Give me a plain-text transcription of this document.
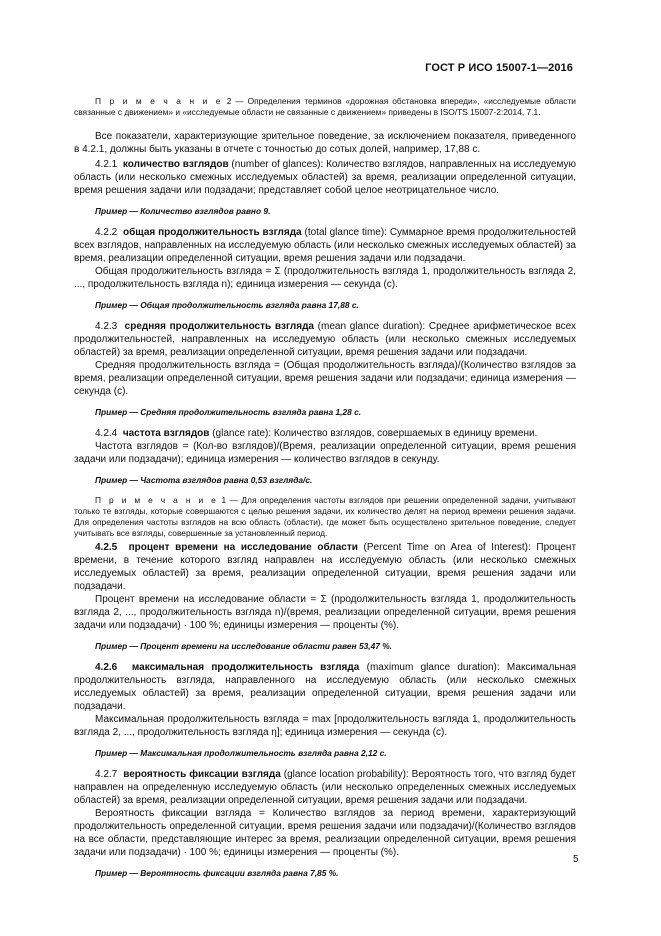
ГОСТ Р ИСО 15007-1—2016

П р и м е ч а н и е 2 — Определения терминов «дорожная обстановка впереди», «исследуемые области связанные с движением» и «исследуемые области не связанные с движением» приведены в ISO/TS 15007-2:2014, 7.1.

Все показатели, характеризующие зрительное поведение, за исключением показателя, приведенного в 4.2.1, должны быть указаны в отчете с точностью до сотых долей, например, 17,88 с.

4.2.1 количество взглядов (number of glances): Количество взглядов, направленных на исследуемую область (или несколько смежных исследуемых областей) за время, реализации определенной ситуации, время решения задачи или подзадачи; представляет собой целое неотрицательное число.

Пример — Количество взглядов равно 9.

4.2.2 общая продолжительность взгляда (total glance time): Суммарное время продолжительностей всех взглядов, направленных на исследуемую область (или несколько смежных исследуемых областей) за время, реализации определенной ситуации, время решения задачи или подзадачи.

Общая продолжительность взгляда = Σ (продолжительность взгляда 1, продолжительность взгляда 2, ..., продолжительность взгляда n); единица измерения — секунда (с).

Пример — Общая продолжительность взгляда равна 17,88 с.

4.2.3 средняя продолжительность взгляда (mean glance duration): Среднее арифметическое всех продолжительностей, направленных на исследуемую область (или несколько смежных исследуемых областей) за время, реализации определенной ситуации, время решения задачи или подзадачи.

Средняя продолжительность взгляда = (Общая продолжительность взгляда)/(Количество взглядов за время, реализации определенной ситуации, время решения задачи или подзадачи; единица измерения — секунда (с).

Пример — Средняя продолжительность взгляда равна 1,28 с.

4.2.4 частота взглядов (glance rate): Количество взглядов, совершаемых в единицу времени.

Частота взглядов = (Кол-во взглядов)/(Время, реализации определенной ситуации, время решения задачи или подзадачи); единица измерения — количество взглядов в секунду.

Пример — Частота взглядов равна 0,53 взгляда/с.

П р и м е ч а н и е 1 — Для определения частоты взглядов при решении определенной задачи, учитывают только те взгляды, которые совершаются с целью решения задачи, их количество делят на период времени решения задачи. Для определения частоты взглядов на всю область (области), где может быть осуществлено зрительное поведение, следует учитывать все взгляды, совершенные за установленный период.

4.2.5 процент времени на исследование области (Percent Time on Area of Interest): Процент времени, в течение которого взгляд направлен на исследуемую область (или несколько смежных исследуемых областей) за время, реализации определенной ситуации, время решения задачи или подзадачи.

Процент времени на исследование области = Σ (продолжительность взгляда 1, продолжительность взгляда 2, ..., продолжительность взгляда n)/(время, реализации определенной ситуации, время решения задачи или подзадачи) · 100 %; единицы измерения — проценты (%).

Пример — Процент времени на исследование области равен 53,47 %.

4.2.6 максимальная продолжительность взгляда (maximum glance duration): Максимальная продолжительность взгляда, направленного на исследуемую область (или несколько смежных исследуемых областей) за время, реализации определенной ситуации, время решения задачи или подзадачи.

Максимальная продолжительность взгляда = max [продолжительность взгляда 1, продолжительность взгляда 2, ..., продолжительность взгляда η]; единица измерения — секунда (с).

Пример — Максимальная продолжительность взгляда равна 2,12 с.

4.2.7 вероятность фиксации взгляда (glance location probability): Вероятность того, что взгляд будет направлен на определенную исследуемую область (или несколько определенных смежных исследуемых областей) за время, реализации определенной ситуации, время решения задачи или подзадачи.

Вероятность фиксации взгляда = Количество взглядов за период времени, характеризующий продолжительность определенной ситуации, время решения задачи или подзадачи)/(Количество взглядов на все области, представляющие интерес за время, реализации определенной ситуации, время решения задачи или подзадачи) · 100 %; единицы измерения — проценты (%).

Пример — Вероятность фиксации взгляда равна 7,85 %.

5
